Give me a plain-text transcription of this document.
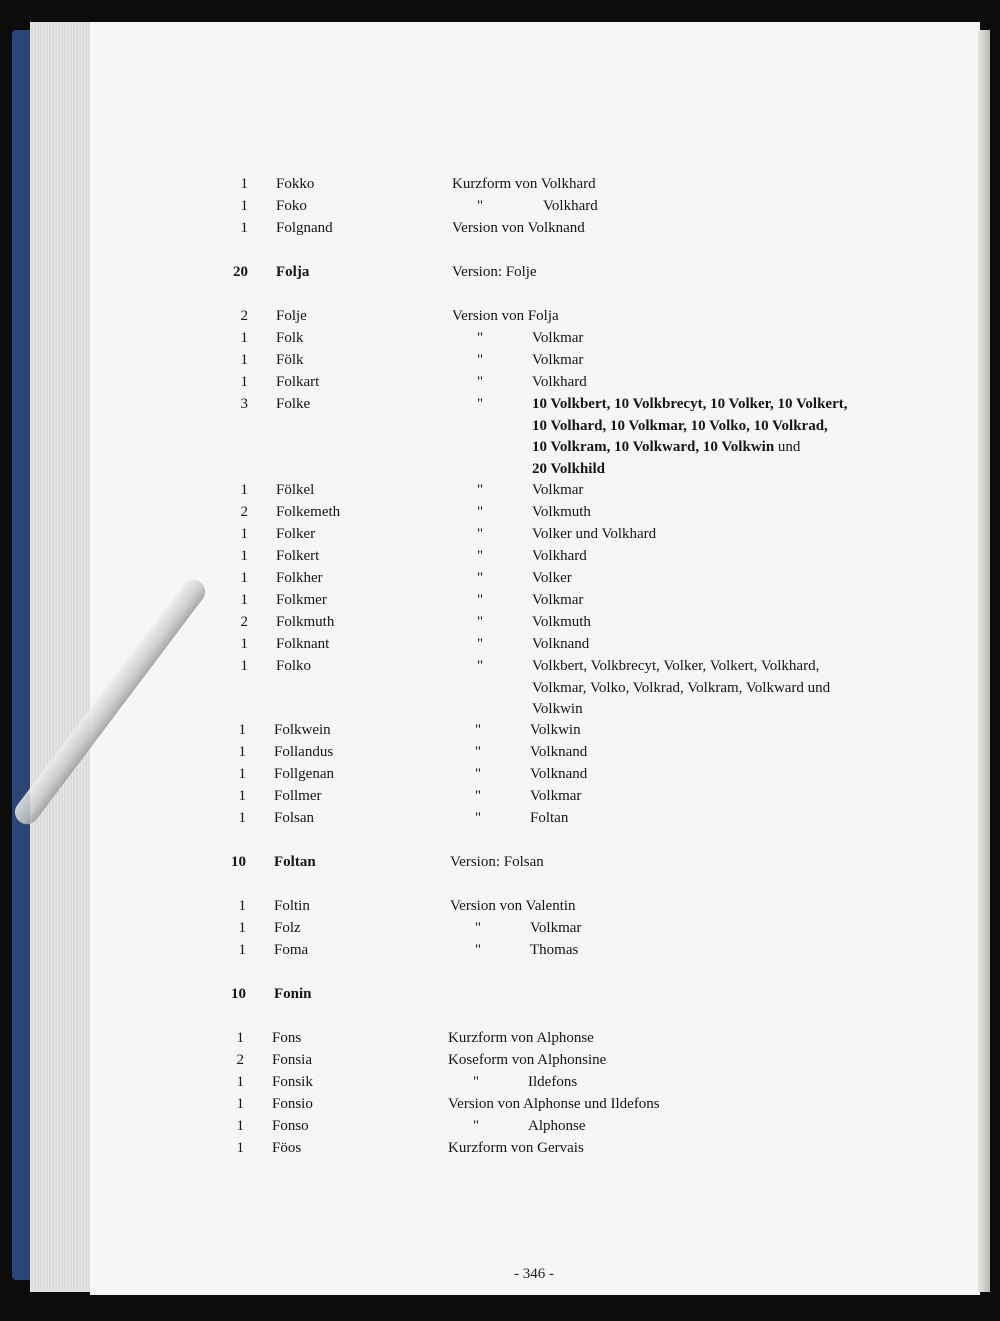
1 Fokko	Kurzform von Volkhard
1 Foko	"	Volkhard
1 Folgnand	Version von Volknand
20 Folja	Version: Folje
2 Folje	Version von Folja
1 Folk	"	Volkmar
1 Fölk	"	Volkmar
1 Folkart	"	Volkhard
3 Folke	"	10 Volkbert, 10 Volkbrecyt, 10 Volker, 10 Volkert,
10 Volhard, 10 Volkmar, 10 Volko, 10 Volkrad,
10 Volkram, 10 Volkward, 10 Volkwin und
20 Volkhild
1 Fölkel	"	Volkmar
2 Folkemeth	"	Volkmuth
1 Folker	"	Volker und Volkhard
1 Folkert	"	Volkhard
1 Folkher	"	Volker
1 Folkmer	"	Volkmar
2 Folkmuth	"	Volkmuth
1 Folknant	"	Volknand
1 Folko	"	Volkbert, Volkbrecyt, Volker, Volkert, Volkhard,
Volkmar, Volko, Volkrad, Volkram, Volkward und
Volkwin
1 Folkwein	"	Volkwin
1 Follandus	"	Volknand
1 Follgenan	"	Volknand
1 Follmer	"	Volkmar
1 Folsan	"	Foltan
10 Foltan	Version: Folsan
1 Foltin	Version von Valentin
1 Folz	"	Volkmar
1 Foma	"	Thomas
10 Fonin
1 Fons	Kurzform von Alphonse
2 Fonsia	Koseform von Alphonsine
1 Fonsik	"	Ildefons
1 Fonsio	Version von Alphonse und Ildefons
1 Fonso	"	Alphonse
1 Föos	Kurzform von Gervais
- 346 -
